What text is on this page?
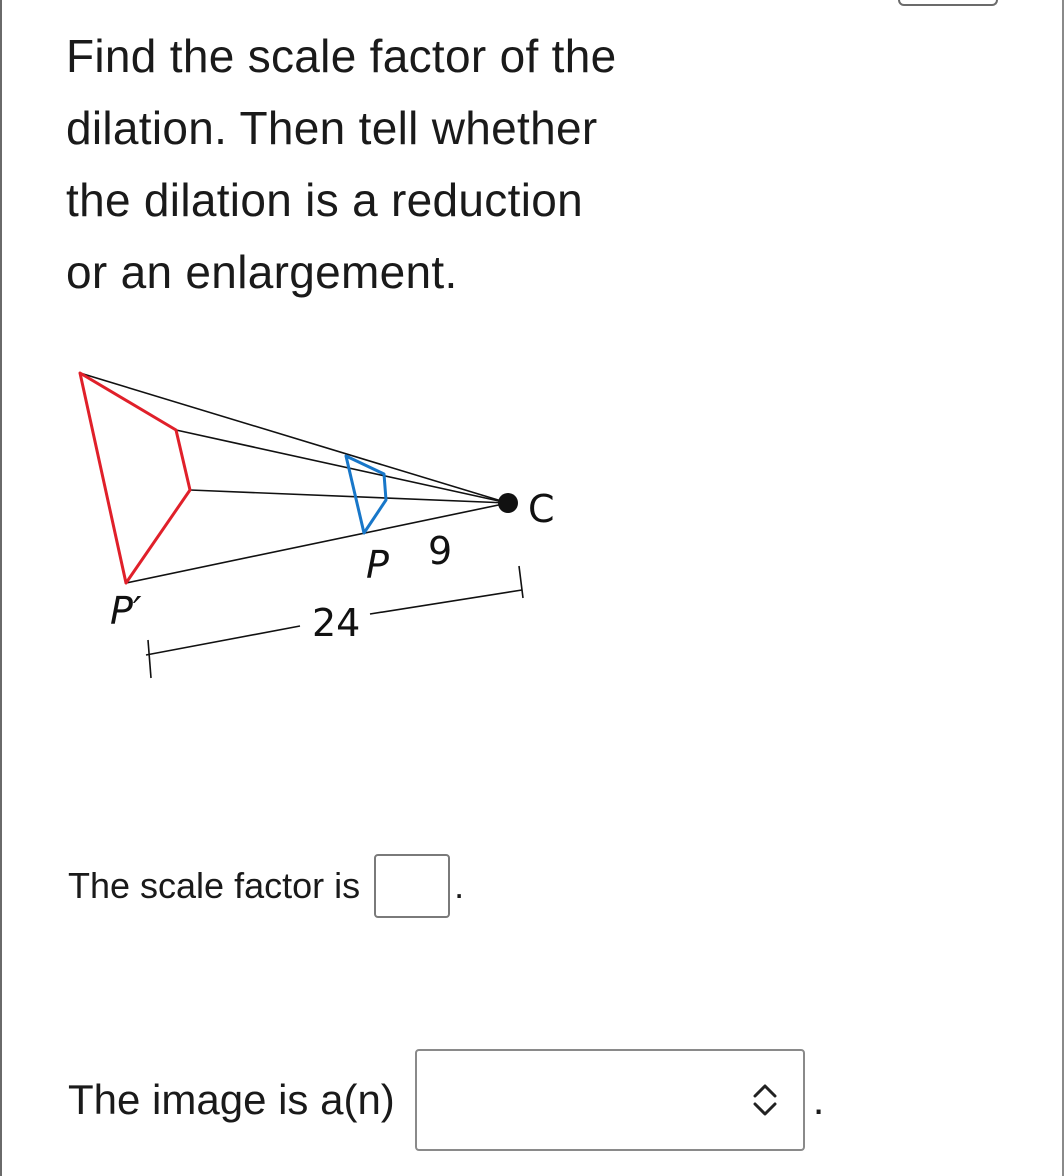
Find the scale factor of the
dilation. Then tell whether
the dilation is a reduction
or an enlargement.
C
P 9
P′	24
The scale factor is	.
The image is a(n)	.
